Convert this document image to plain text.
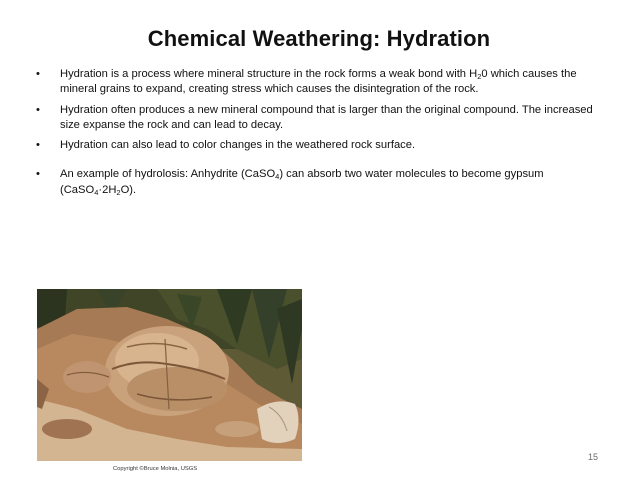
Chemical Weathering: Hydration
• Hydration is a process where mineral structure in the rock forms a weak bond with $H_20$ which causes the mineral grains to expand, creating stress which causes the disintegration of the rock.
• Hydration often produces a new mineral compound that is larger than the original compound. The increased size expanse the rock and can lead to decay.
• Hydration can also lead to color changes in the weathered rock surface.
• An example of hydrolosis: Anhydrite (CaSO$_4$) can absorb two water molecules to become gypsum $(CaSO_4\cdot 2H_2O)$.
Copyright ©Bruce Molnia, USGS
15
